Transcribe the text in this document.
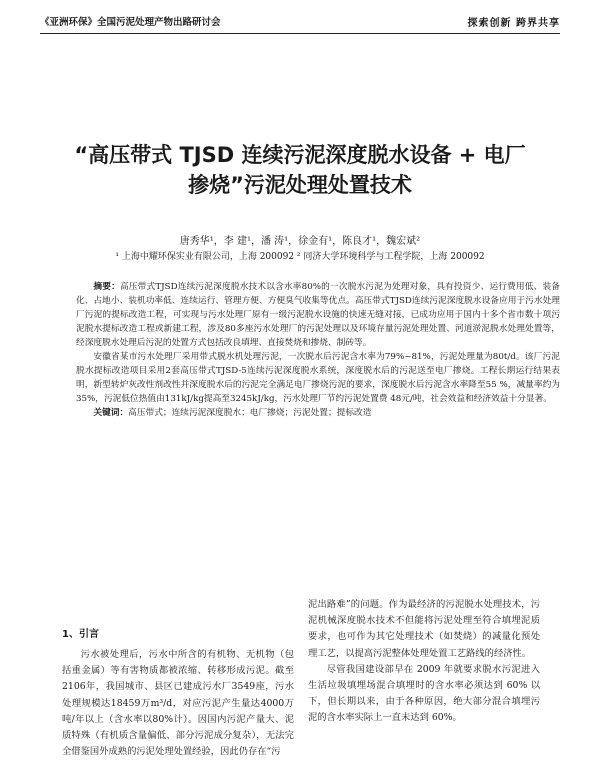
《亚洲环保》全国污泥处理产物出路研讨会	探索创新 跨界共享
“高压带式 TJSD 连续污泥深度脱水设备 + 电厂
掺烧”污泥处理处置技术
唐秀华¹，李 建¹，潘 涛¹，徐金有¹，陈良才¹，魏宏斌²
¹ 上海中耀环保实业有限公司，上海 200092 ² 同济大学环境科学与工程学院，上海 200092

摘要：高压带式TJSD连续污泥深度脱水技术以含水率80%的一次脱水污泥为处理对象，具有投资少、运行费用低、装备化、占地小、装机功率低、连续运行、管理方便、方便臭气收集等优点。高压带式TJSD连续污泥深度脱水设备应用于污水处理厂污泥的提标改造工程，可实现与污水处理厂原有一级污泥脱水设施的快速无缝对接，已成功应用于国内十多个省市数十项污泥脱水提标改造工程或新建工程，涉及80多座污水处理厂的污泥处理以及环境存量污泥处理处置、河道淤泥脱水处理处置等，经深度脱水处理后污泥的处置方式包括改良填埋、直接焚烧和掺烧、制砖等。

安徽省某市污水处理厂采用带式脱水机处理污泥，一次脱水后污泥含水率为79%~81%，污泥处理量为80t/d。该厂污泥脱水提标改造项目采用2套高压带式TJSD-5连续污泥深度脱水系统，深度脱水后的污泥送至电厂掺烧。工程长期运行结果表明，新型转炉灰改性剂改性并深度脱水后的污泥完全满足电厂掺烧污泥的要求，深度脱水后污泥含水率降至55 %，减量率约为35%，污泥低位热值由131kJ/kg提高至3245kJ/kg，污水处理厂节约污泥处置费 48元/吨，社会效益和经济效益十分显著。

关键词：高压带式；连续污泥深度脱水；电厂掺烧；污泥处置；提标改造

1、引言

污水被处理后，污水中所含的有机物、无机物（包括重金属）等有害物质都被浓缩、转移形成污泥。截至2106年，我国城市、县区已建成污水厂3549座，污水处理规模达18459万m³/d，对应污泥产生量达4000万吨/年以上（含水率以80%计）。因国内污泥产量大、泥质特殊（有机质含量偏低、部分污泥成分复杂），无法完全借鉴国外成熟的污泥处理处置经验，因此仍存在“污

泥出路难”的问题。作为最经济的污泥脱水处理技术，污泥机械深度脱水技术不但能将污泥处理至符合填埋泥质要求，也可作为其它处理技术（如焚烧）的减量化预处理工艺，以提高污泥整体处理处置工艺路线的经济性。

尽管我国建设部早在 2009 年就要求脱水污泥进入生活垃圾填埋场混合填埋时的含水率必须达到 60% 以下，但长期以来，由于各种原因，绝大部分混合填埋污泥的含水率实际上一直未达到 60%。
